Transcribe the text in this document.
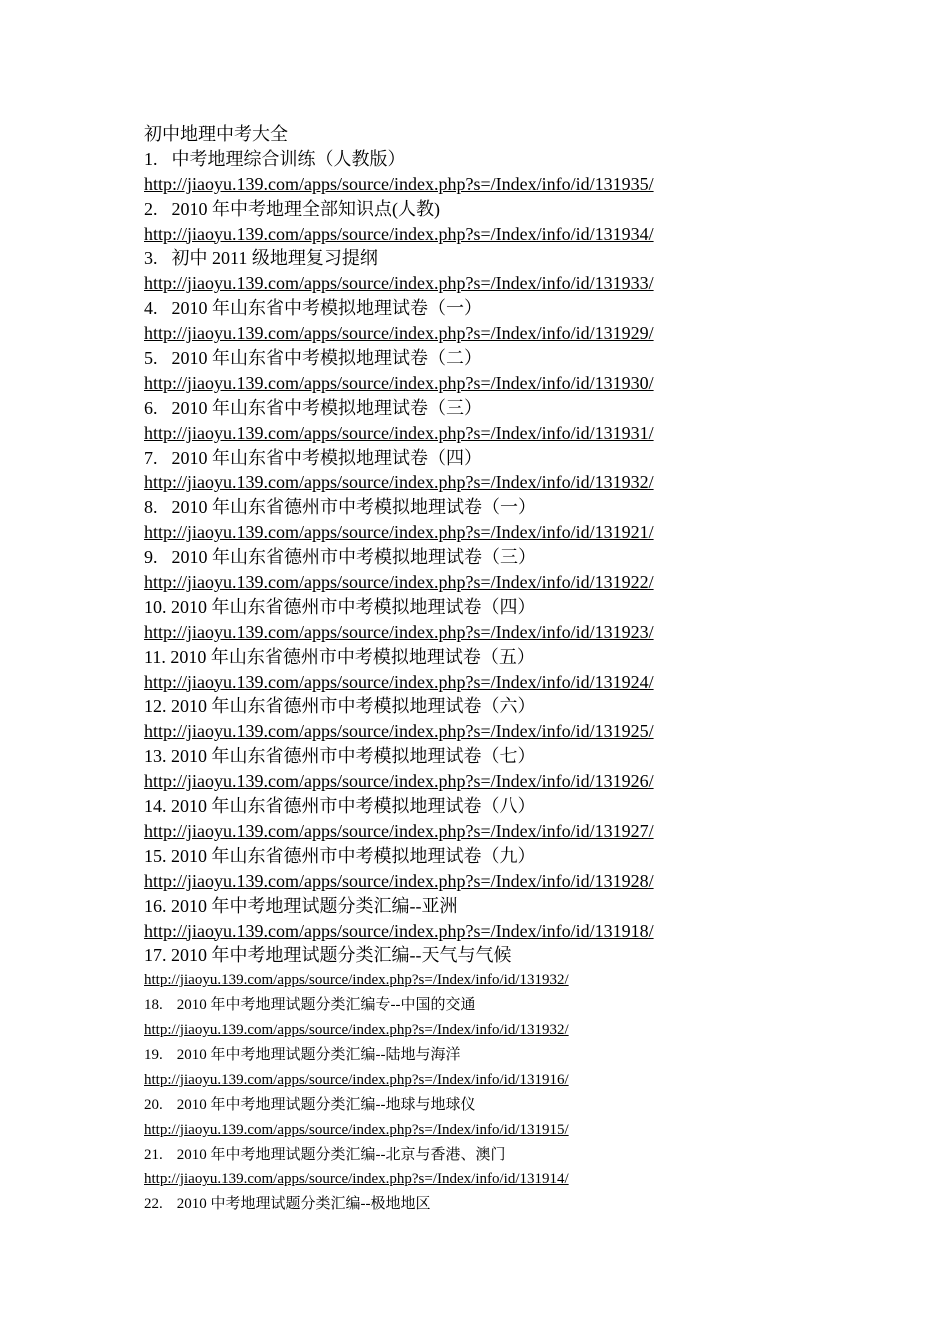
初中地理中考大全
1. 中考地理综合训练（人教版）
http://jiaoyu.139.com/apps/source/index.php?s=/Index/info/id/131935/
2. 2010 年中考地理全部知识点(人教)
http://jiaoyu.139.com/apps/source/index.php?s=/Index/info/id/131934/
3. 初中 2011 级地理复习提纲
http://jiaoyu.139.com/apps/source/index.php?s=/Index/info/id/131933/
4. 2010 年山东省中考模拟地理试卷（一）
http://jiaoyu.139.com/apps/source/index.php?s=/Index/info/id/131929/
5. 2010 年山东省中考模拟地理试卷（二）
http://jiaoyu.139.com/apps/source/index.php?s=/Index/info/id/131930/
6. 2010 年山东省中考模拟地理试卷（三）
http://jiaoyu.139.com/apps/source/index.php?s=/Index/info/id/131931/
7. 2010 年山东省中考模拟地理试卷（四）
http://jiaoyu.139.com/apps/source/index.php?s=/Index/info/id/131932/
8. 2010 年山东省德州市中考模拟地理试卷（一）
http://jiaoyu.139.com/apps/source/index.php?s=/Index/info/id/131921/
9. 2010 年山东省德州市中考模拟地理试卷（三）
http://jiaoyu.139.com/apps/source/index.php?s=/Index/info/id/131922/
10. 2010 年山东省德州市中考模拟地理试卷（四）
http://jiaoyu.139.com/apps/source/index.php?s=/Index/info/id/131923/
11. 2010 年山东省德州市中考模拟地理试卷（五）
http://jiaoyu.139.com/apps/source/index.php?s=/Index/info/id/131924/
12. 2010 年山东省德州市中考模拟地理试卷（六）
http://jiaoyu.139.com/apps/source/index.php?s=/Index/info/id/131925/
13. 2010 年山东省德州市中考模拟地理试卷（七）
http://jiaoyu.139.com/apps/source/index.php?s=/Index/info/id/131926/
14. 2010 年山东省德州市中考模拟地理试卷（八）
http://jiaoyu.139.com/apps/source/index.php?s=/Index/info/id/131927/
15. 2010 年山东省德州市中考模拟地理试卷（九）
http://jiaoyu.139.com/apps/source/index.php?s=/Index/info/id/131928/
16. 2010 年中考地理试题分类汇编--亚洲
http://jiaoyu.139.com/apps/source/index.php?s=/Index/info/id/131918/
17. 2010 年中考地理试题分类汇编--天气与气候
http://jiaoyu.139.com/apps/source/index.php?s=/Index/info/id/131932/
18. 2010 年中考地理试题分类汇编专--中国的交通
http://jiaoyu.139.com/apps/source/index.php?s=/Index/info/id/131932/
19. 2010 年中考地理试题分类汇编--陆地与海洋
http://jiaoyu.139.com/apps/source/index.php?s=/Index/info/id/131916/
20. 2010 年中考地理试题分类汇编--地球与地球仪
http://jiaoyu.139.com/apps/source/index.php?s=/Index/info/id/131915/
21. 2010 年中考地理试题分类汇编--北京与香港、澳门
http://jiaoyu.139.com/apps/source/index.php?s=/Index/info/id/131914/
22. 2010 中考地理试题分类汇编--极地地区
